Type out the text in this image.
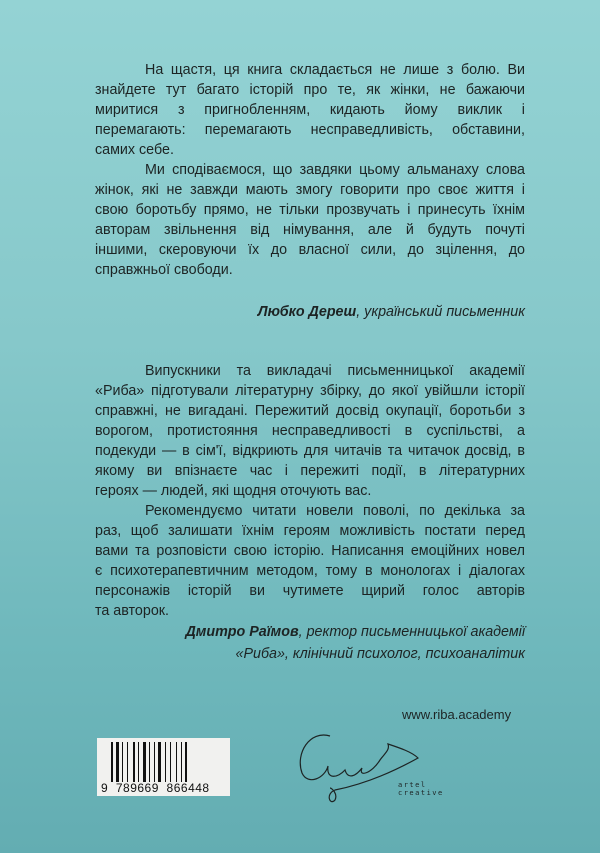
На щастя, ця книга складається не лише з болю. Ви
знайдете тут багато історій про те, як жінки, не бажаючи
миритися з пригнобленням, кидають йому виклик і
перемагають: перемагають несправедливість, обставини,
самих себе.
Ми сподіваємося, що завдяки цьому альманаху слова
жінок, які не завжди мають змогу говорити про своє життя і
свою боротьбу прямо, не тільки прозвучать і принесуть їхнім
авторам звільнення від німування, але й будуть почуті
іншими, скеровуючи їх до власної сили, до зцілення, до
справжньої свободи.
Любко Дереш, український письменник
Випускники та викладачі письменницької академії
«Риба» підготували літературну збірку, до якої увійшли історії
справжні, не вигадані. Пережитий досвід окупації, боротьби з
ворогом, протистояння несправедливості в суспільстві, а
подекуди — в сім'ї, відкриють для читачів та читачок досвід, в
якому ви впізнаєте час і пережиті події, в літературних
героях — людей, які щодня оточують вас.
Рекомендуємо читати новели поволі, по декілька за
раз, щоб залишати їхнім героям можливість постати перед
вами та розповісти свою історію. Написання емоційних новел
є психотерапевтичним методом, тому в монологах і діалогах
персонажів історій ви чутимете щирий голос авторів
та авторок.
Дмитро Раїмов, ректор письменницької академії
«Риба», клінічний психолог, психоаналітик
www.riba.academy
9  789669  866448	artel creative
